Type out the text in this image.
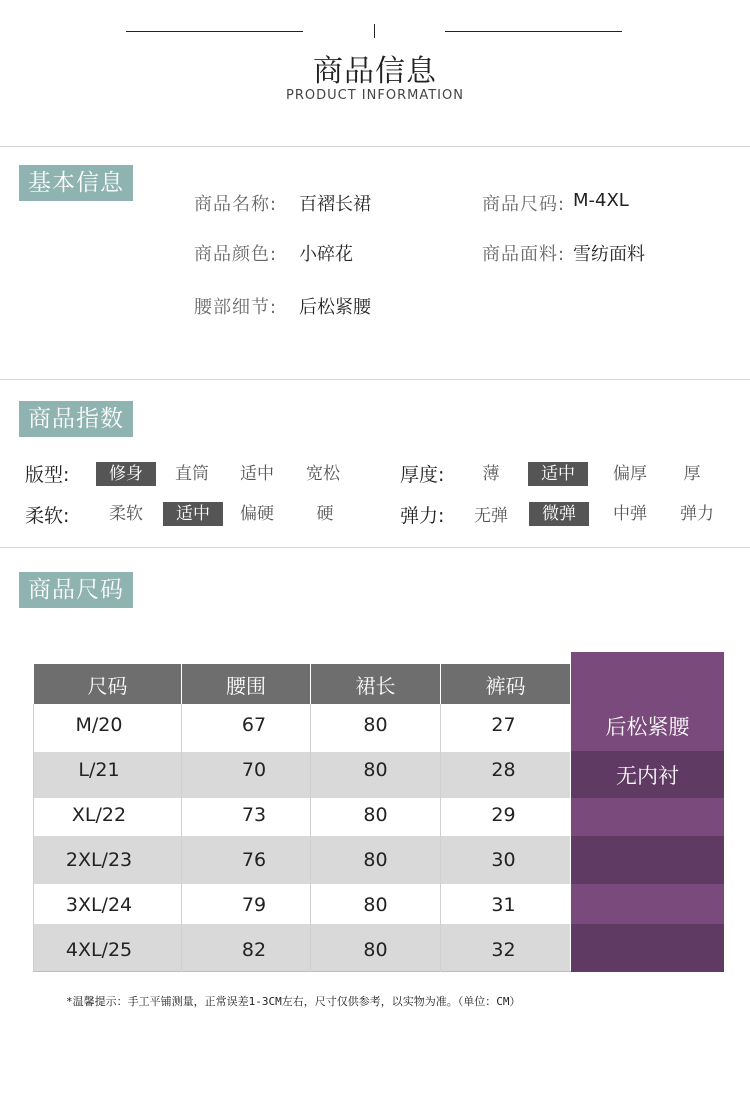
商品信息
PRODUCT INFORMATION
基本信息
商品名称: 百褶长裙	商品尺码: M-4XL
商品颜色: 小碎花	商品面料: 雪纺面料
腰部细节: 后松紧腰
商品指数
版型:	修身	直筒	适中	宽松	厚度:	薄	适中	偏厚	厚
柔软:	柔软	适中	偏硬	硬	弹力:	无弹	微弹	中弹	弹力
商品尺码
后松紧腰
无内衬
尺码	腰围	裙长	裤码
M/20	67	80	27
L/21	70	80	28
XL/22	73	80	29
2XL/23	76	80	30
3XL/24	79	80	31
4XL/25	82	80	32
*温馨提示：手工平铺测量，正常误差1-3CM左右，尺寸仅供参考，以实物为准。（单位：CM）
